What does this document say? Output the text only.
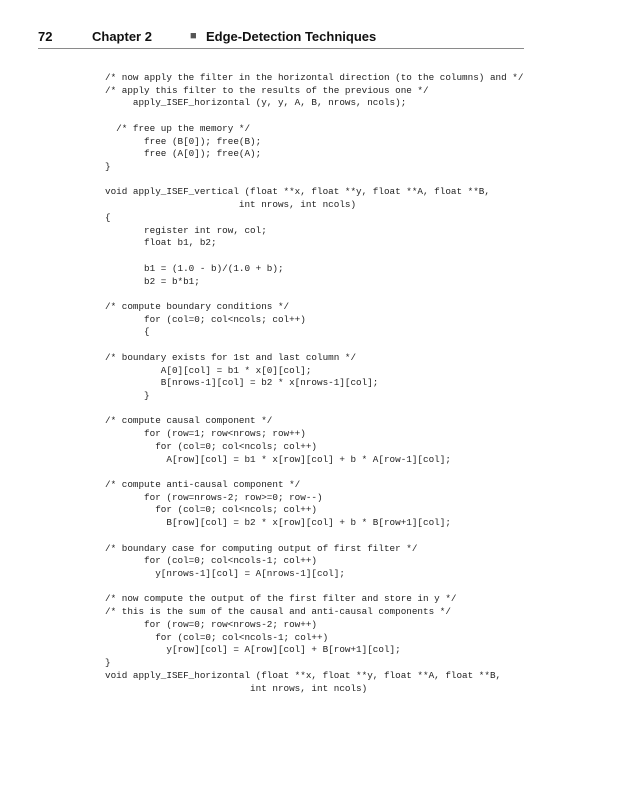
72	Chapter 2	■ Edge-Detection Techniques
/* now apply the filter in the horizontal direction (to the columns) and */
/* apply this filter to the results of the previous one */
apply_ISEF_horizontal (y, y, A, B, nrows, ncols);
/* free up the memory */
free (B[0]); free(B);
free (A[0]); free(A);
}
void apply_ISEF_vertical (float **x, float **y, float **A, float **B,
int nrows, int ncols)
{
register int row, col;
float b1, b2;
b1 = (1.0 - b)/(1.0 + b);
b2 = b*b1;
/* compute boundary conditions */
for (col=0; col<ncols; col++)
{
/* boundary exists for 1st and last column */
A[0][col] = b1 * x[0][col];
B[nrows-1][col] = b2 * x[nrows-1][col];
}
/* compute causal component */
for (row=1; row<nrows; row++)
for (col=0; col<ncols; col++)
A[row][col] = b1 * x[row][col] + b * A[row-1][col];
/* compute anti-causal component */
for (row=nrows-2; row>=0; row--)
for (col=0; col<ncols; col++)
B[row][col] = b2 * x[row][col] + b * B[row+1][col];
/* boundary case for computing output of first filter */
for (col=0; col<ncols-1; col++)
y[nrows-1][col] = A[nrows-1][col];
/* now compute the output of the first filter and store in y */
/* this is the sum of the causal and anti-causal components */
for (row=0; row<nrows-2; row++)
for (col=0; col<ncols-1; col++)
y[row][col] = A[row][col] + B[row+1][col];
}
void apply_ISEF_horizontal (float **x, float **y, float **A, float **B,
int nrows, int ncols)
